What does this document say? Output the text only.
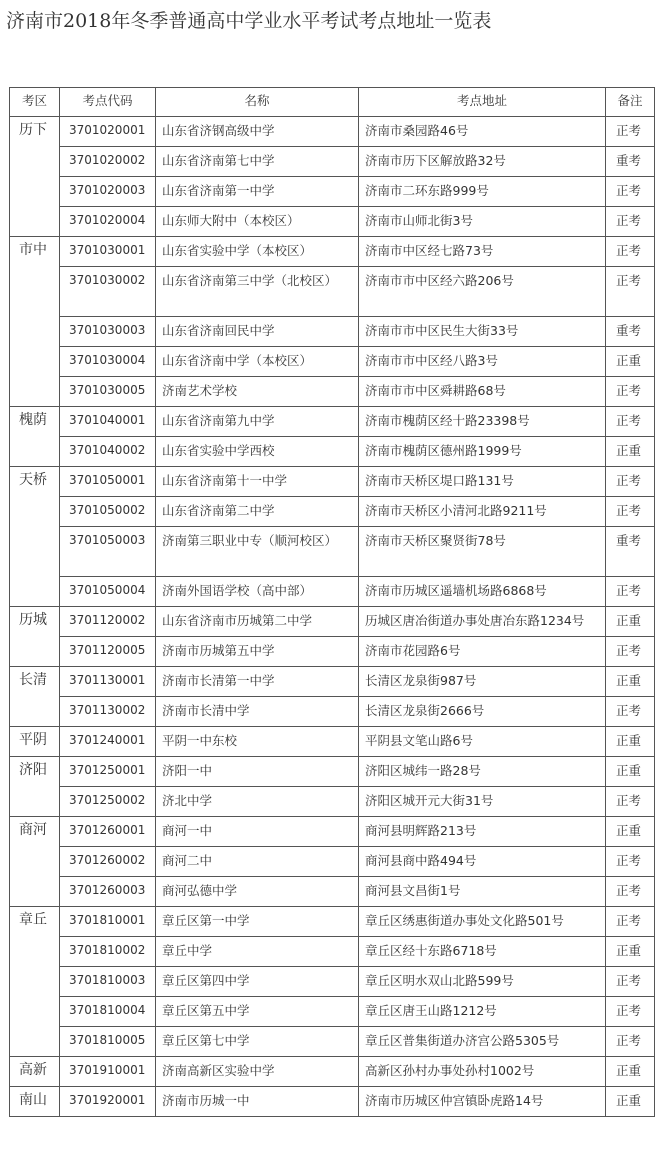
济南市2018年冬季普通高中学业水平考试考点地址一览表
考区	考点代码	名称	考点地址	备注
历下	3701020001	山东省济钢高级中学	济南市桑园路46号	正考
	3701020002	山东省济南第七中学	济南市历下区解放路32号	重考
	3701020003	山东省济南第一中学	济南市二环东路999号	正考
	3701020004	山东师大附中（本校区）	济南市山师北街3号	正考
市中	3701030001	山东省实验中学（本校区）	济南市中区经七路73号	正考
	3701030002	山东省济南第三中学（北校区）	济南市市中区经六路206号	正考
	3701030003	山东省济南回民中学	济南市市中区民生大街33号	重考
	3701030004	山东省济南中学（本校区）	济南市市中区经八路3号	正重
	3701030005	济南艺术学校	济南市市中区舜耕路68号	正考
槐荫	3701040001	山东省济南第九中学	济南市槐荫区经十路23398号	正考
	3701040002	山东省实验中学西校	济南市槐荫区德州路1999号	正重
天桥	3701050001	山东省济南第十一中学	济南市天桥区堤口路131号	正考
	3701050002	山东省济南第二中学	济南市天桥区小清河北路9211号	正考
	3701050003	济南第三职业中专（顺河校区）	济南市天桥区聚贤街78号	重考
	3701050004	济南外国语学校（高中部）	济南市历城区遥墙机场路6868号	正考
历城	3701120002	山东省济南市历城第二中学	历城区唐冶街道办事处唐冶东路1234号	正重
	3701120005	济南市历城第五中学	济南市花园路6号	正考
长清	3701130001	济南市长清第一中学	长清区龙泉街987号	正重
	3701130002	济南市长清中学	长清区龙泉街2666号	正考
平阴	3701240001	平阴一中东校	平阴县文笔山路6号	正重
济阳	3701250001	济阳一中	济阳区城纬一路28号	正重
	3701250002	济北中学	济阳区城开元大街31号	正考
商河	3701260001	商河一中	商河县明辉路213号	正重
	3701260002	商河二中	商河县商中路494号	正考
	3701260003	商河弘德中学	商河县文昌街1号	正考
章丘	3701810001	章丘区第一中学	章丘区绣惠街道办事处文化路501号	正考
	3701810002	章丘中学	章丘区经十东路6718号	正重
	3701810003	章丘区第四中学	章丘区明水双山北路599号	正考
	3701810004	章丘区第五中学	章丘区唐王山路1212号	正考
	3701810005	章丘区第七中学	章丘区普集街道办济宫公路5305号	正考
高新	3701910001	济南高新区实验中学	高新区孙村办事处孙村1002号	正重
南山	3701920001	济南市历城一中	济南市历城区仲宫镇卧虎路14号	正重
